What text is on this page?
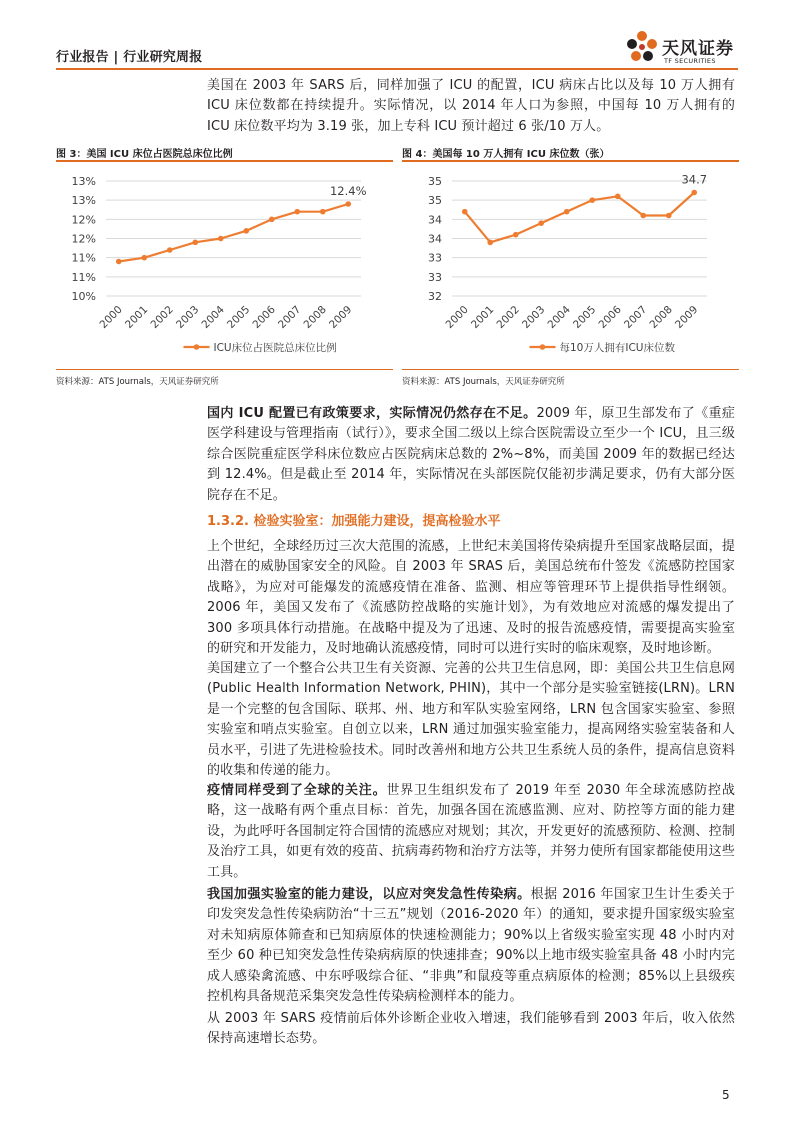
行业报告 | 行业研究周报	天风证券
TF SECURITIES

美国在 2003 年 SARS 后，同样加强了 ICU 的配置，ICU 病床占比以及每 10 万人拥有 ICU 床位数都在持续提升。实际情况，以 2014 年人口为参照，中国每 10 万人拥有的 ICU 床位数平均为 3.19 张，加上专科 ICU 预计超过 6 张/10 万人。

图 3：美国 ICU 床位占医院总床位比例
10%
11%
11%
12%
12%
13%
13%
2000
2001
2002
2003
2004
2005
2006
2007
2008
2009
12.4%
ICU床位占医院总床位比例
资料来源：ATS Journals，天风证券研究所
图 4：美国每 10 万人拥有 ICU 床位数（张）
32
33
33
34
34
35
35
2000
2001
2002
2003
2004
2005
2006
2007
2008
2009
34.7
每10万人拥有ICU床位数
资料来源：ATS Journals，天风证券研究所

国内 ICU 配置已有政策要求，实际情况仍然存在不足。2009 年，原卫生部发布了《重症医学科建设与管理指南（试行）》，要求全国二级以上综合医院需设立至少一个 ICU，且三级综合医院重症医学科床位数应占医院病床总数的 2%~8%，而美国 2009 年的数据已经达到 12.4%。但是截止至 2014 年，实际情况在头部医院仅能初步满足要求，仍有大部分医院存在不足。

1.3.2. 检验实验室：加强能力建设，提高检验水平

上个世纪，全球经历过三次大范围的流感，上世纪末美国将传染病提升至国家战略层面，提出潜在的威胁国家安全的风险。自 2003 年 SRAS 后，美国总统布什签发《流感防控国家战略》，为应对可能爆发的流感疫情在准备、监测、相应等管理环节上提供指导性纲领。2006 年，美国又发布了《流感防控战略的实施计划》，为有效地应对流感的爆发提出了 300 多项具体行动措施。在战略中提及为了迅速、及时的报告流感疫情，需要提高实验室的研究和开发能力，及时地确认流感疫情，同时可以进行实时的临床观察，及时地诊断。

美国建立了一个整合公共卫生有关资源、完善的公共卫生信息网，即：美国公共卫生信息网(Public Health Information Network, PHIN)，其中一个部分是实验室链接(LRN)。LRN 是一个完整的包含国际、联邦、州、地方和军队实验室网络，LRN 包含国家实验室、参照实验室和哨点实验室。自创立以来，LRN 通过加强实验室能力，提高网络实验室装备和人员水平，引进了先进检验技术。同时改善州和地方公共卫生系统人员的条件，提高信息资料的收集和传递的能力。

疫情同样受到了全球的关注。世界卫生组织发布了 2019 年至 2030 年全球流感防控战略，这一战略有两个重点目标：首先，加强各国在流感监测、应对、防控等方面的能力建设，为此呼吁各国制定符合国情的流感应对规划；其次，开发更好的流感预防、检测、控制及治疗工具，如更有效的疫苗、抗病毒药物和治疗方法等，并努力使所有国家都能使用这些工具。

我国加强实验室的能力建设，以应对突发急性传染病。根据 2016 年国家卫生计生委关于印发突发急性传染病防治“十三五”规划（2016-2020 年）的通知，要求提升国家级实验室对未知病原体筛查和已知病原体的快速检测能力；90%以上省级实验室实现 48 小时内对至少 60 种已知突发急性传染病病原的快速排查；90%以上地市级实验室具备 48 小时内完成人感染禽流感、中东呼吸综合征、“非典”和鼠疫等重点病原体的检测；85%以上县级疾控机构具备规范采集突发急性传染病检测样本的能力。

从 2003 年 SARS 疫情前后体外诊断企业收入增速，我们能够看到 2003 年后，收入依然保持高速增长态势。

5
